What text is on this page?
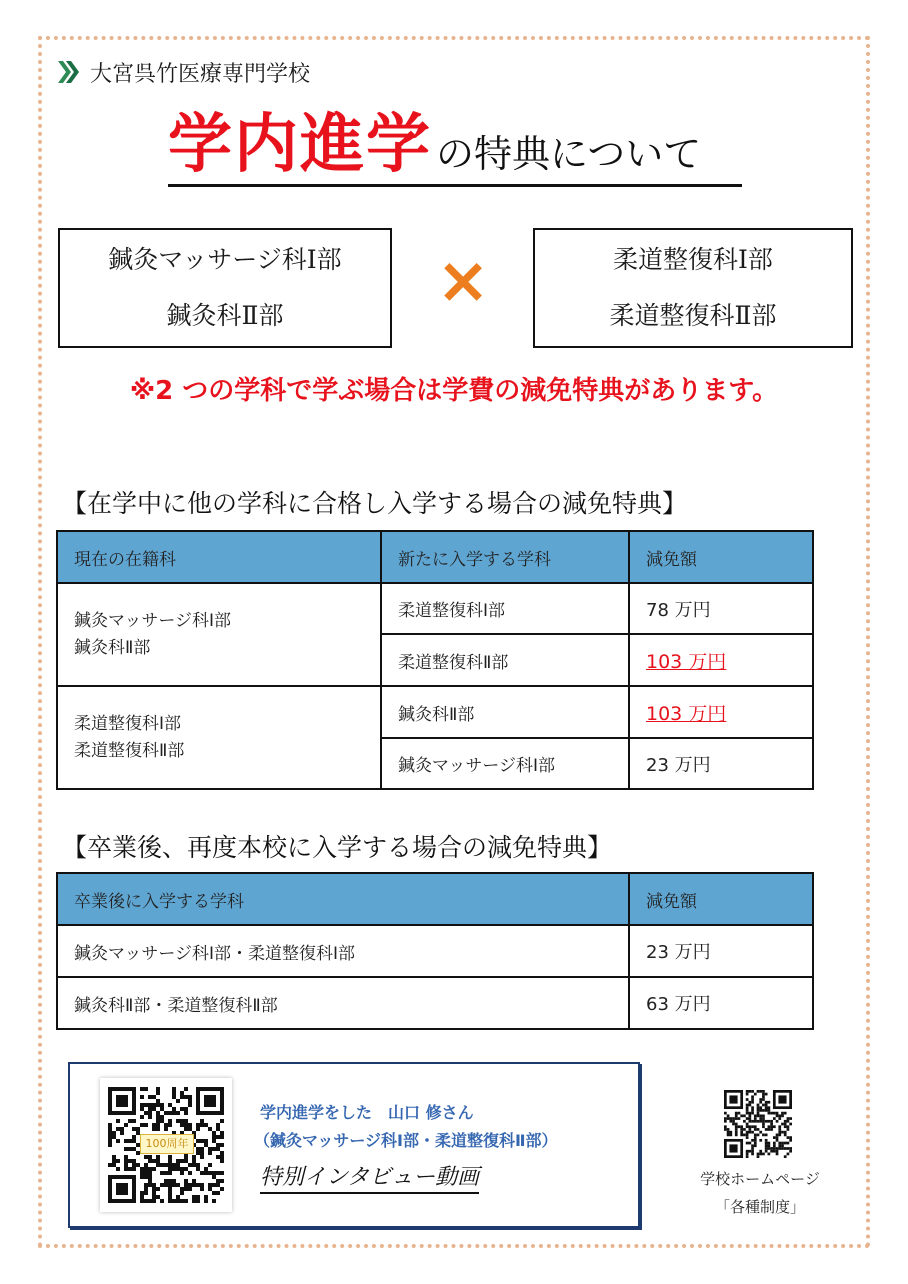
大宮呉竹医療専門学校
学内進学 の特典について
鍼灸マッサージ科Ⅰ部
鍼灸科Ⅱ部 ×	柔道整復科Ⅰ部
柔道整復科Ⅱ部
※2 つの学科で学ぶ場合は学費の減免特典があります。
【在学中に他の学科に合格し入学する場合の減免特典】
現在の在籍科	新たに入学する学科	減免額

鍼灸マッサージ科Ⅰ部
鍼灸科Ⅱ部	柔道整復科Ⅰ部	78 万円
	柔道整復科Ⅱ部	103 万円

柔道整復科Ⅰ部
柔道整復科Ⅱ部	鍼灸科Ⅱ部	103 万円
	鍼灸マッサージ科Ⅰ部	23 万円
【卒業後、再度本校に入学する場合の減免特典】
卒業後に入学する学科	減免額
鍼灸マッサージ科Ⅰ部・柔道整復科Ⅰ部	23 万円
鍼灸科Ⅱ部・柔道整復科Ⅱ部	63 万円
100周年
学内進学をした　山口 修さん
（鍼灸マッサージ科Ⅰ部・柔道整復科Ⅱ部）
特別インタビュー動画	学校ホームページ
「各種制度」
